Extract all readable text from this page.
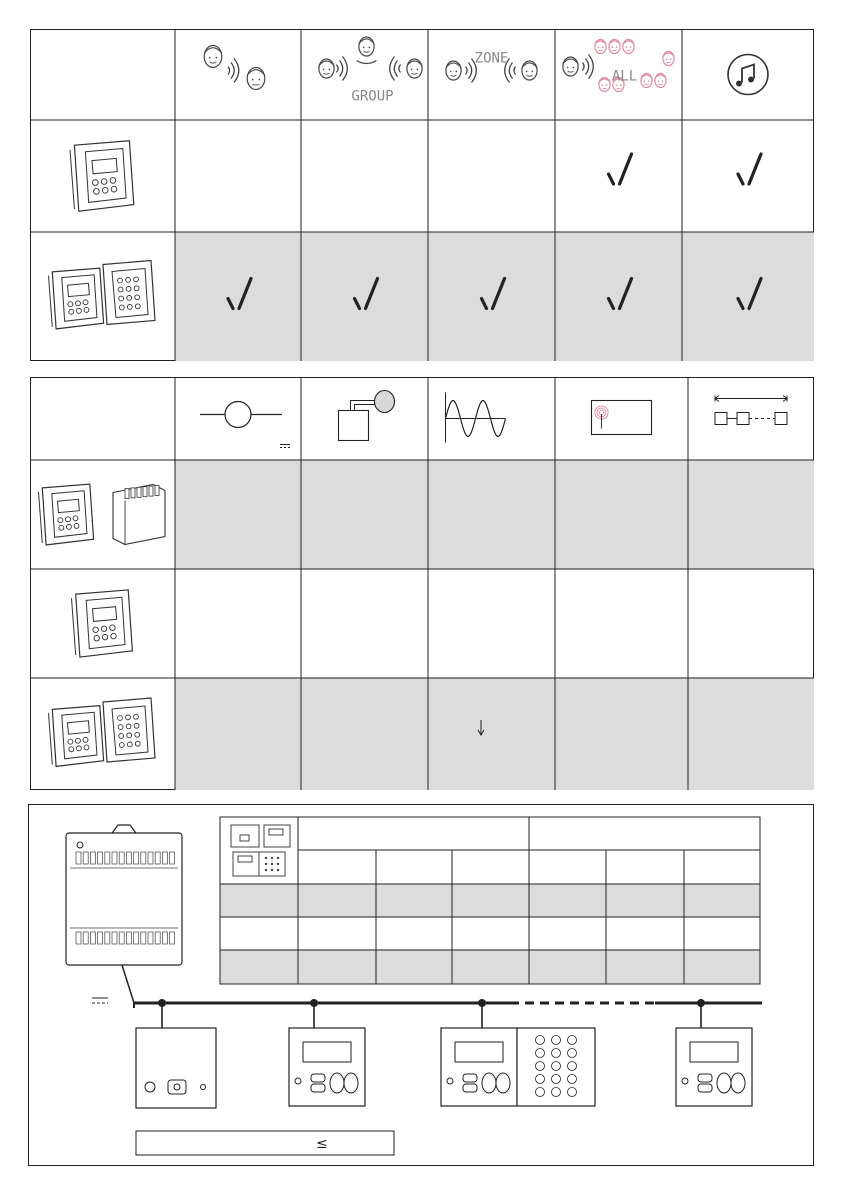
GROUP
ZONE
ALL
≤
